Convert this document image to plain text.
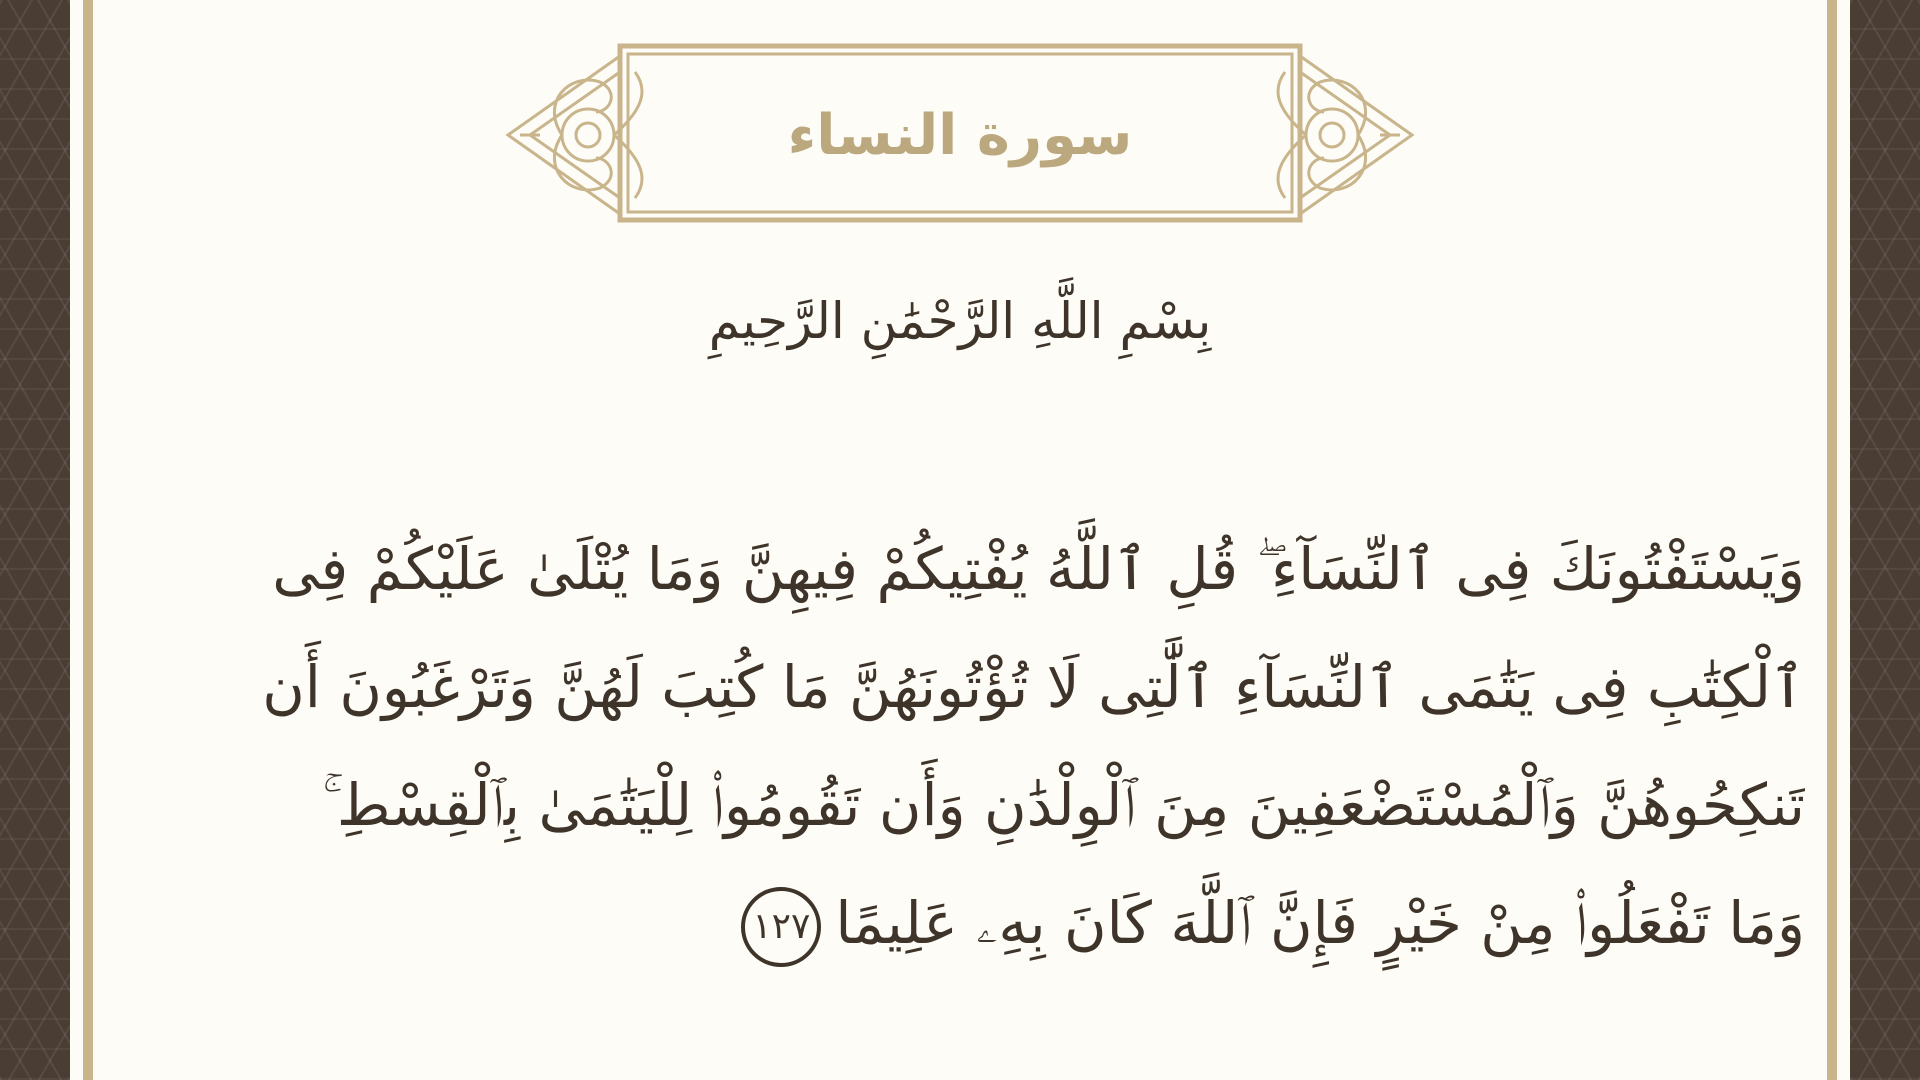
سورة النساء
بِسْمِ اللَّهِ الرَّحْمَٰنِ الرَّحِيمِ
وَيَسْتَفْتُونَكَ فِى ٱلنِّسَآءِ ۖ قُلِ ٱللَّهُ يُفْتِيكُمْ فِيهِنَّ وَمَا يُتْلَىٰ عَلَيْكُمْ فِى
ٱلْكِتَٰبِ فِى يَتَٰمَى ٱلنِّسَآءِ ٱلَّٰتِى لَا تُؤْتُونَهُنَّ مَا كُتِبَ لَهُنَّ وَتَرْغَبُونَ أَن
تَنكِحُوهُنَّ وَٱلْمُسْتَضْعَفِينَ مِنَ ٱلْوِلْدَٰنِ وَأَن تَقُومُوا۟ لِلْيَتَٰمَىٰ بِٱلْقِسْطِ ۚ
وَمَا تَفْعَلُوا۟ مِنْ خَيْرٍ فَإِنَّ ٱللَّهَ كَانَ بِهِۦ عَلِيمًا١٢٧
